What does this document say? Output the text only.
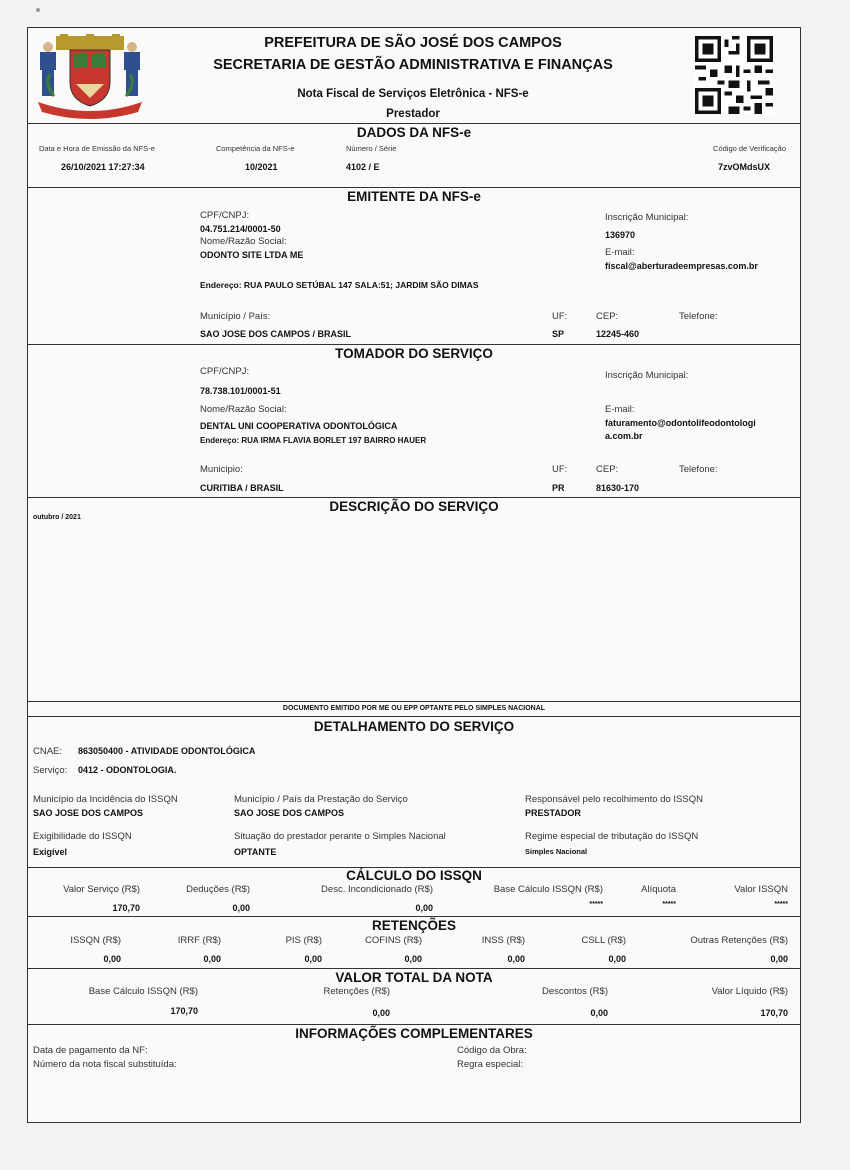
PREFEITURA DE SÃO JOSÉ DOS CAMPOS
SECRETARIA DE GESTÃO ADMINISTRATIVA E FINANÇAS
Nota Fiscal de Serviços Eletrônica - NFS-e
Prestador
DADOS DA NFS-e
Data e Hora de Emissão da NFS-e
26/10/2021 17:27:34
Competência da NFS-e
10/2021
Número / Série
4102 / E
Código de Verificação
7zvOMdsUX
EMITENTE DA NFS-e
CPF/CNPJ:
04.751.214/0001-50
Nome/Razão Social:
ODONTO SITE LTDA ME
Endereço: RUA PAULO SETÚBAL 147 SALA:51; JARDIM SÃO DIMAS
Inscrição Municipal:
136970
E-mail:
fiscal@aberturadeempresas.com.br
Município / País:
SAO JOSE DOS CAMPOS / BRASIL
UF:
SP
CEP:
12245-460
Telefone:
TOMADOR DO SERVIÇO
CPF/CNPJ:
78.738.101/0001-51
Nome/Razão Social:
DENTAL UNI COOPERATIVA ODONTOLÓGICA
Endereço: RUA IRMA FLAVIA BORLET 197 BAIRRO HAUER
Inscrição Municipal:
E-mail:
faturamento@odontolifeodontologi
a.com.br
Municipio:
CURITIBA / BRASIL
UF:
PR
CEP:
81630-170
Telefone:
DESCRIÇÃO DO SERVIÇO
outubro / 2021
DOCUMENTO EMITIDO POR ME OU EPP OPTANTE PELO SIMPLES NACIONAL
DETALHAMENTO DO SERVIÇO
CNAE: 863050400 - ATIVIDADE ODONTOLÓGICA
Serviço: 0412 - ODONTOLOGIA.
Município da Incidência do ISSQN
SAO JOSE DOS CAMPOS
Município / País da Prestação do Serviço
SAO JOSE DOS CAMPOS
Responsável pelo recolhimento do ISSQN
PRESTADOR
Exigibilidade do ISSQN
Exigível
Situação do prestador perante o Simples Nacional
OPTANTE
Regime especial de tributação do ISSQN
Simples Nacional
CÁLCULO DO ISSQN
Valor Serviço (R$)	Deduções (R$)	Desc. Incondicionado (R$)	Base Cálculo ISSQN (R$)	Alíquota	Valor ISSQN
170,70	0,00	0,00	*****	*****	*****
RETENÇÕES
ISSQN (R$)	IRRF (R$)	PIS (R$)	COFINS (R$)	INSS (R$)	CSLL (R$)	Outras Retenções (R$)
0,00	0,00	0,00	0,00	0,00	0,00	0,00
VALOR TOTAL DA NOTA
Base Cálculo ISSQN (R$)	Retenções (R$)	Descontos (R$)	Valor Líquido (R$)
170,70	0,00	0,00	170,70
INFORMAÇÕES COMPLEMENTARES
Data de pagamento da NF:
Número da nota fiscal substituída:
Código da Obra:
Regra especial:
